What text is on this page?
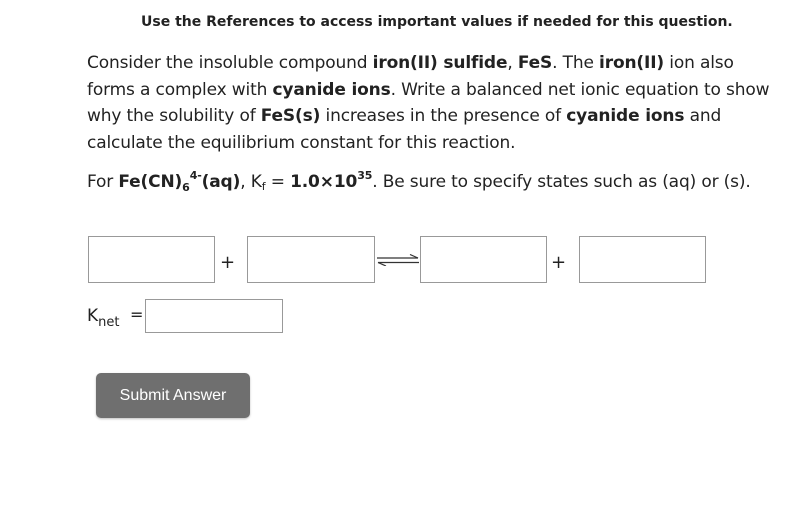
Use the References to access important values if needed for this question.
Consider the insoluble compound iron(II) sulfide, FeS. The iron(II) ion also forms a complex with cyanide ions. Write a balanced net ionic equation to show why the solubility of FeS(s) increases in the presence of cyanide ions and calculate the equilibrium constant for this reaction.
For $Fe(CN)_6^{4-}(aq)$, $Kf = 1.0\times 10^{35}$. Be sure to specify states such as (aq) or (s).
+	+
$K_{net}$ =
Submit Answer
